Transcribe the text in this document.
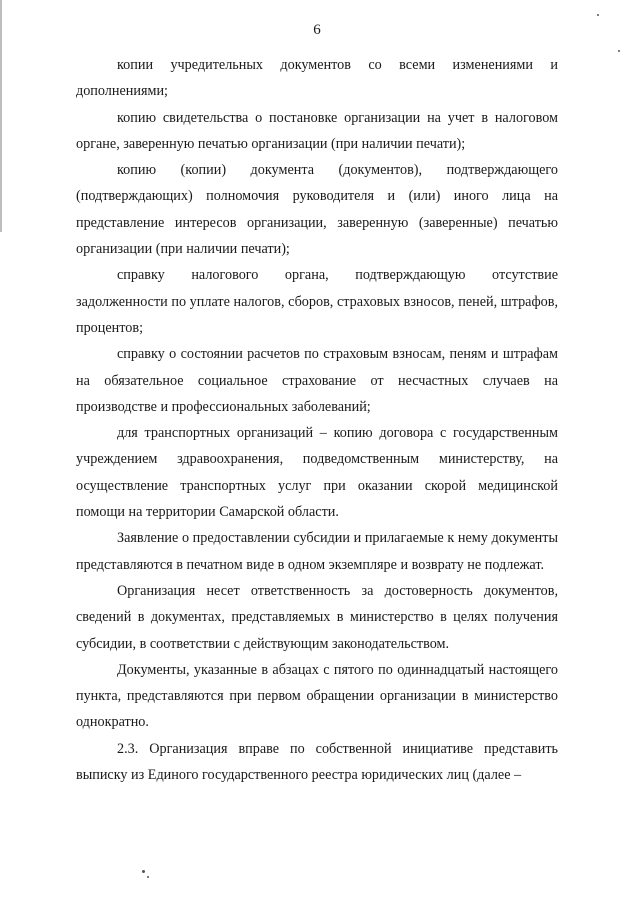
6

копии учредительных документов со всеми изменениями и дополнениями;

копию свидетельства о постановке организации на учет в налоговом органе, заверенную печатью организации (при наличии печати);

копию (копии) документа (документов), подтверждающего (подтверждающих) полномочия руководителя и (или) иного лица на представление интересов организации, заверенную (заверенные) печатью организации (при наличии печати);

справку налогового органа, подтверждающую отсутствие задолженности по уплате налогов, сборов, страховых взносов, пеней, штрафов, процентов;

справку о состоянии расчетов по страховым взносам, пеням и штрафам на обязательное социальное страхование от несчастных случаев на производстве и профессиональных заболеваний;

для транспортных организаций – копию договора с государственным учреждением здравоохранения, подведомственным министерству, на осуществление транспортных услуг при оказании скорой медицинской помощи на территории Самарской области.

Заявление о предоставлении субсидии и прилагаемые к нему документы представляются в печатном виде в одном экземпляре и возврату не подлежат.

Организация несет ответственность за достоверность документов, сведений в документах, представляемых в министерство в целях получения субсидии, в соответствии с действующим законодательством.

Документы, указанные в абзацах с пятого по одиннадцатый настоящего пункта, представляются при первом обращении организации в министерство однократно.

2.3. Организация вправе по собственной инициативе представить выписку из Единого государственного реестра юридических лиц (далее –
